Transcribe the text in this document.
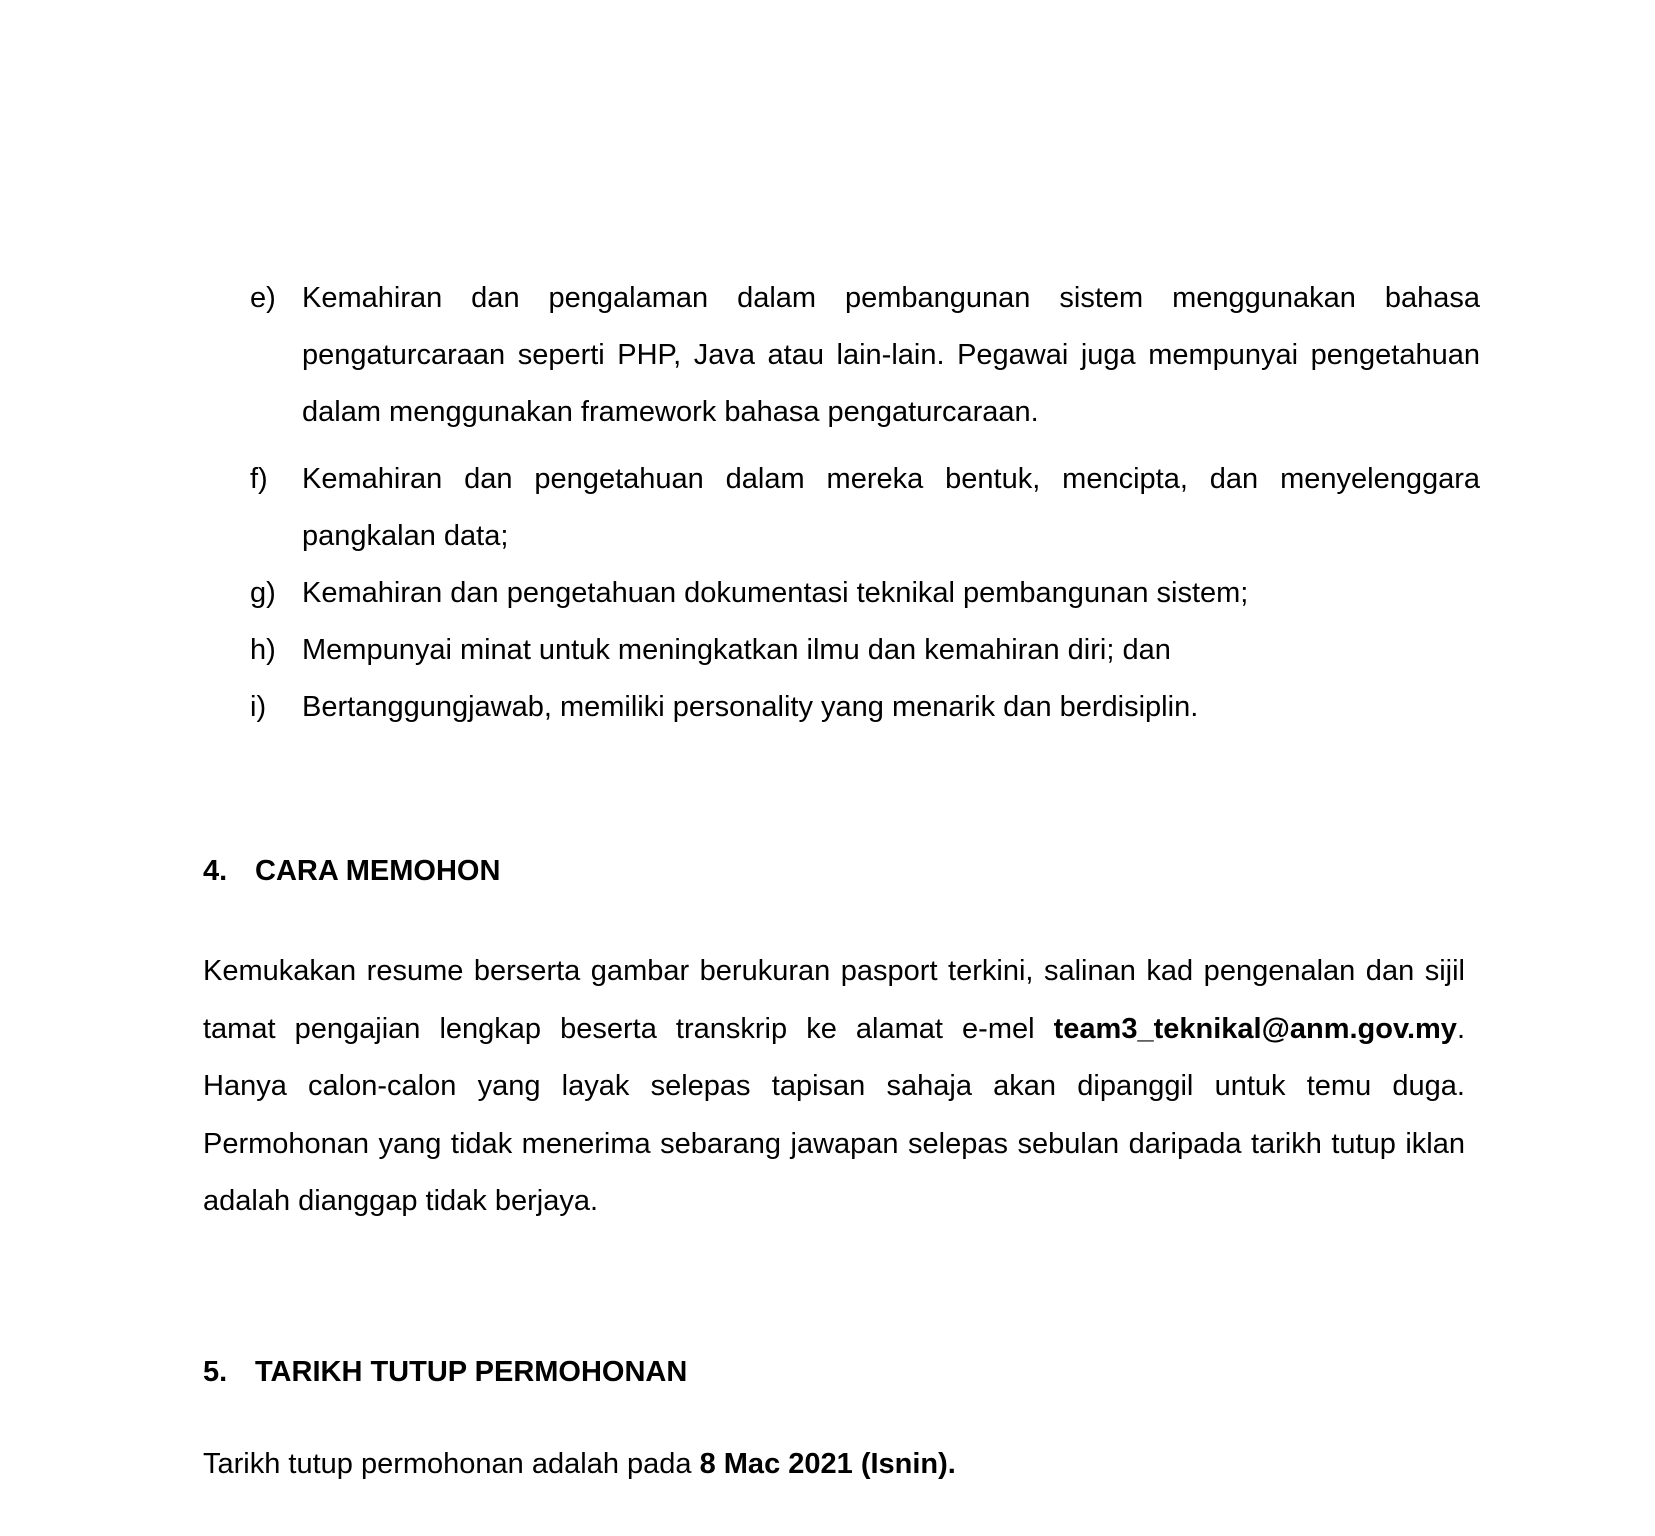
e) Kemahiran dan pengalaman dalam pembangunan sistem menggunakan bahasa pengaturcaraan seperti PHP, Java atau lain-lain. Pegawai juga mempunyai pengetahuan dalam menggunakan framework bahasa pengaturcaraan.
f) Kemahiran dan pengetahuan dalam mereka bentuk, mencipta, dan menyelenggara pangkalan data;
g) Kemahiran dan pengetahuan dokumentasi teknikal pembangunan sistem;
h) Mempunyai minat untuk meningkatkan ilmu dan kemahiran diri; dan
i) Bertanggungjawab, memiliki personality yang menarik dan berdisiplin.
4. CARA MEMOHON
Kemukakan resume berserta gambar berukuran pasport terkini, salinan kad pengenalan dan sijil tamat pengajian lengkap beserta transkrip ke alamat e-mel team3_teknikal@anm.gov.my. Hanya calon-calon yang layak selepas tapisan sahaja akan dipanggil untuk temu duga. Permohonan yang tidak menerima sebarang jawapan selepas sebulan daripada tarikh tutup iklan adalah dianggap tidak berjaya.
5. TARIKH TUTUP PERMOHONAN
Tarikh tutup permohonan adalah pada 8 Mac 2021 (Isnin).
